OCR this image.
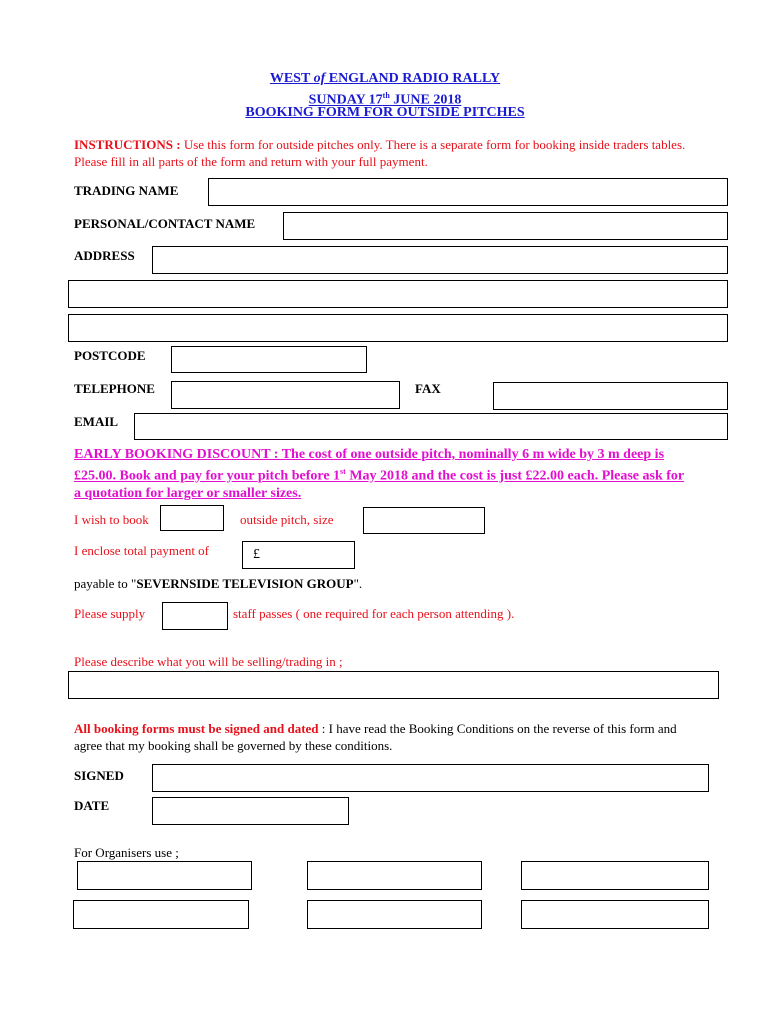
WEST of ENGLAND RADIO RALLY
SUNDAY 17th JUNE 2018
BOOKING FORM FOR OUTSIDE PITCHES
INSTRUCTIONS : Use this form for outside pitches only. There is a separate form for booking inside traders tables. Please fill in all parts of the form and return with your full payment.
TRADING NAME
PERSONAL/CONTACT NAME
ADDRESS
POSTCODE
TELEPHONE	FAX
EMAIL
EARLY BOOKING DISCOUNT : The cost of one outside pitch, nominally 6 m wide by 3 m deep is £25.00. Book and pay for your pitch before 1st May 2018 and the cost is just £22.00 each. Please ask for a quotation for larger or smaller sizes.
I wish to book	outside pitch, size
I enclose total payment of	£
payable to "SEVERNSIDE TELEVISION GROUP".
Please supply	staff passes ( one required for each person attending ).
Please describe what you will be selling/trading in ;
All booking forms must be signed and dated : I have read the Booking Conditions on the reverse of this form and agree that my booking shall be governed by these conditions.
SIGNED
DATE
For Organisers use ;
